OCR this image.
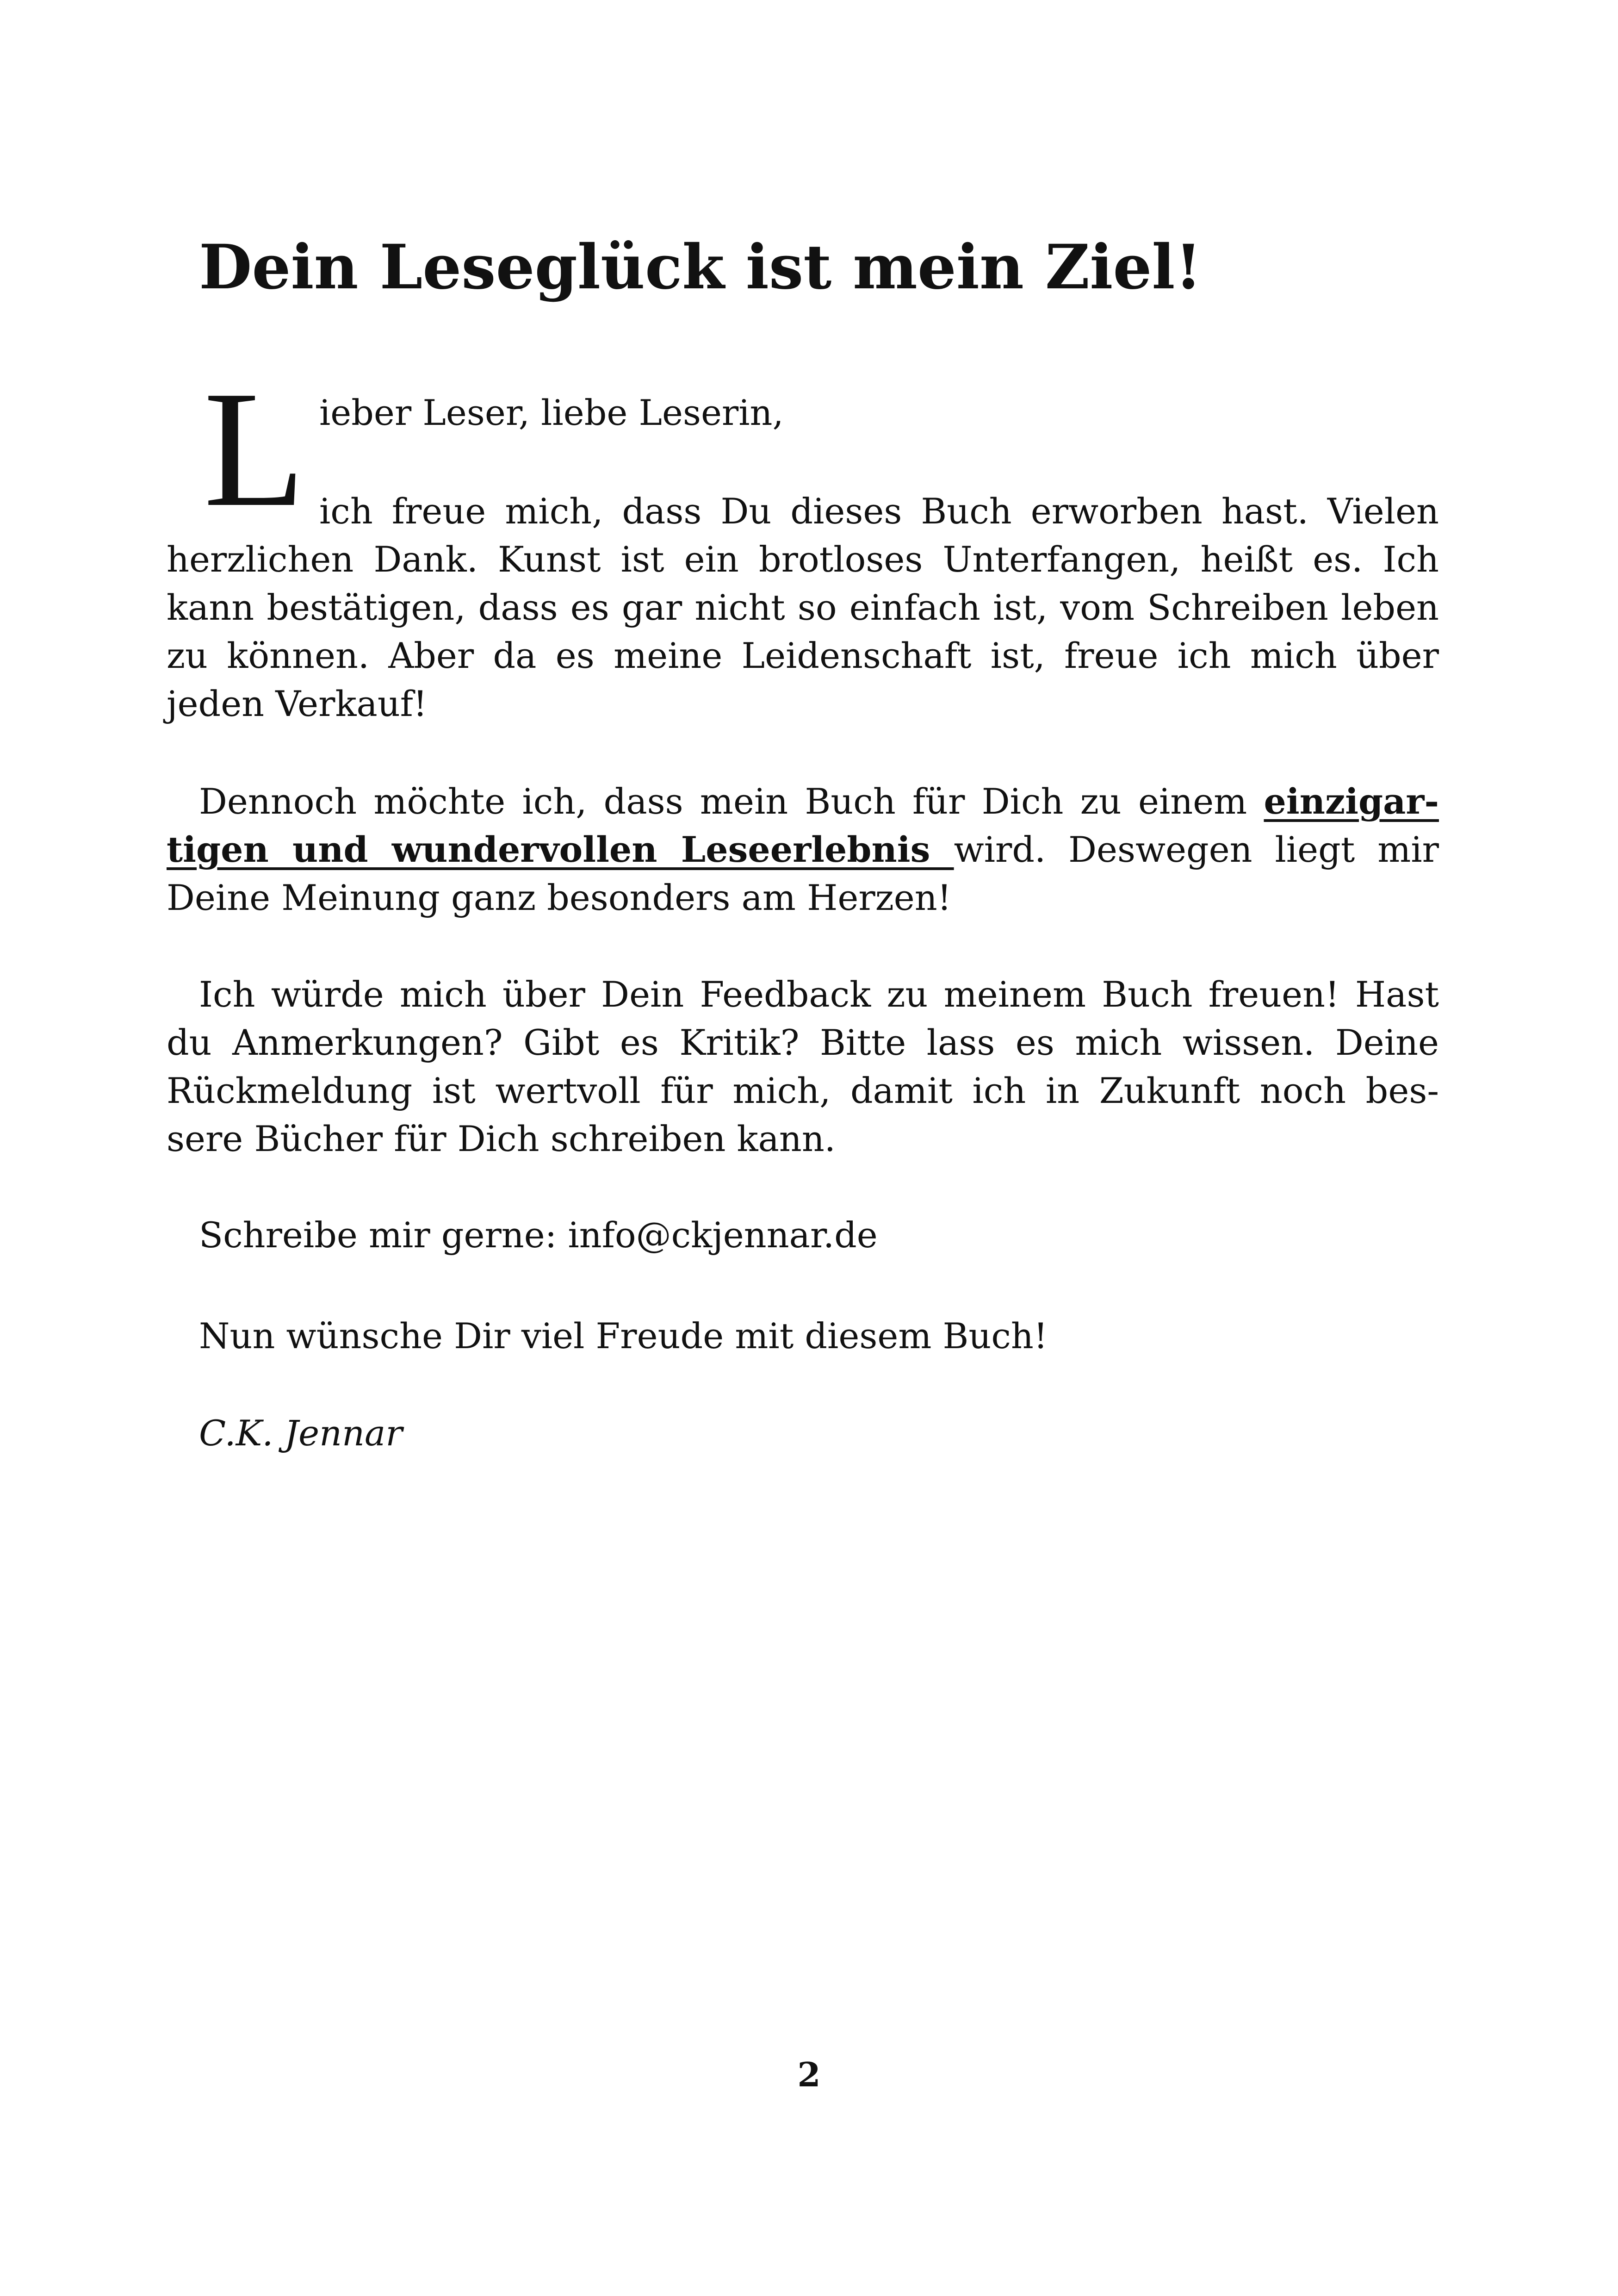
Dein Leseglück ist mein Ziel!
L ieber Leser, liebe Leserin,
ich freue mich, dass Du dieses Buch erworben hast. Vielen
herzlichen Dank. Kunst ist ein brotloses Unterfangen, heißt es. Ich
kann bestätigen, dass es gar nicht so einfach ist, vom Schreiben leben
zu können. Aber da es meine Leidenschaft ist, freue ich mich über
jeden Verkauf!
Dennoch möchte ich, dass mein Buch für Dich zu einem einzigar-
tigen und wundervollen Leseerlebnis wird. Deswegen liegt mir
Deine Meinung ganz besonders am Herzen!
Ich würde mich über Dein Feedback zu meinem Buch freuen! Hast
du Anmerkungen? Gibt es Kritik? Bitte lass es mich wissen. Deine
Rückmeldung ist wertvoll für mich, damit ich in Zukunft noch bes-
sere Bücher für Dich schreiben kann.
Schreibe mir gerne: info@ckjennar.de
Nun wünsche Dir viel Freude mit diesem Buch!
C.K. Jennar
2
